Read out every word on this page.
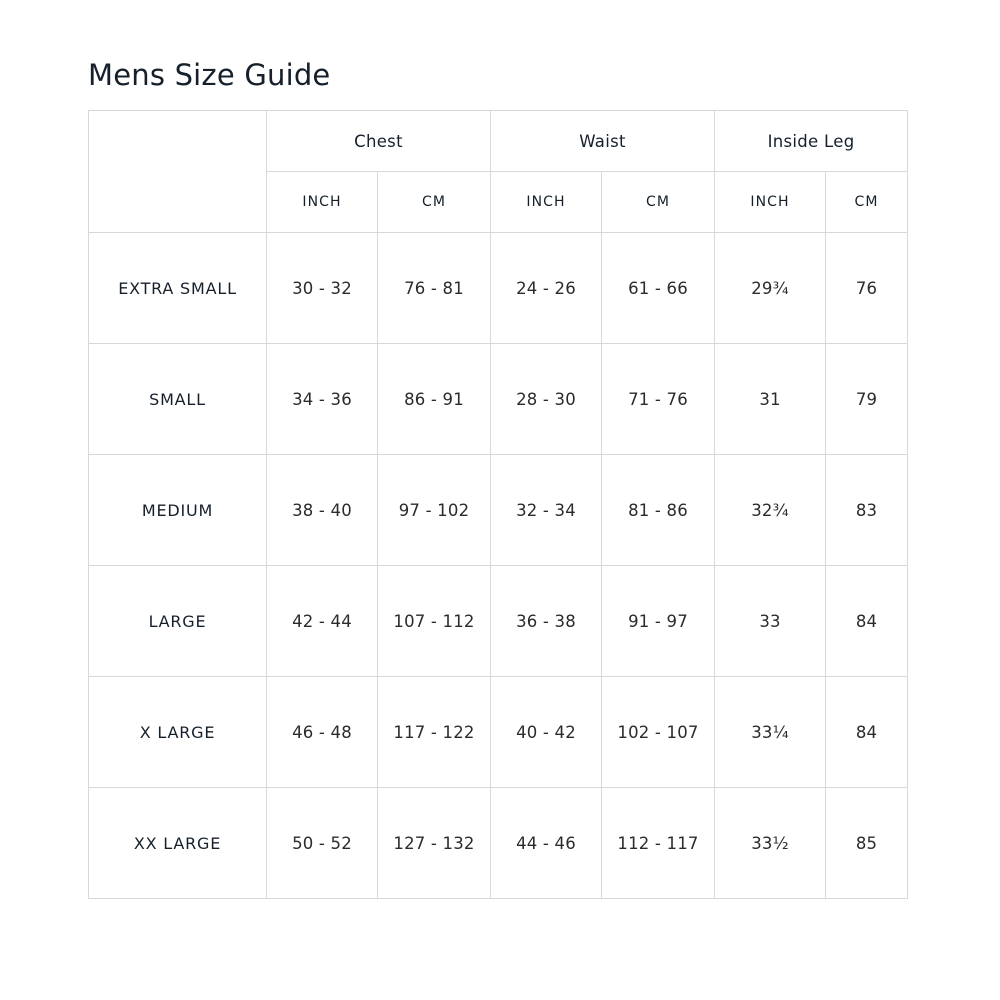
Mens Size Guide
	Chest		Waist		Inside Leg	
	INCH	CM	INCH	CM	INCH	CM
EXTRA SMALL	30 - 32	76 - 81	24 - 26	61 - 66	29¾	76
SMALL	34 - 36	86 - 91	28 - 30	71 - 76	31	79
MEDIUM	38 - 40	97 - 102	32 - 34	81 - 86	32¾	83
LARGE	42 - 44	107 - 112	36 - 38	91 - 97	33	84
X LARGE	46 - 48	117 - 122	40 - 42	102 - 107	33¼	84
XX LARGE	50 - 52	127 - 132	44 - 46	112 - 117	33½	85
